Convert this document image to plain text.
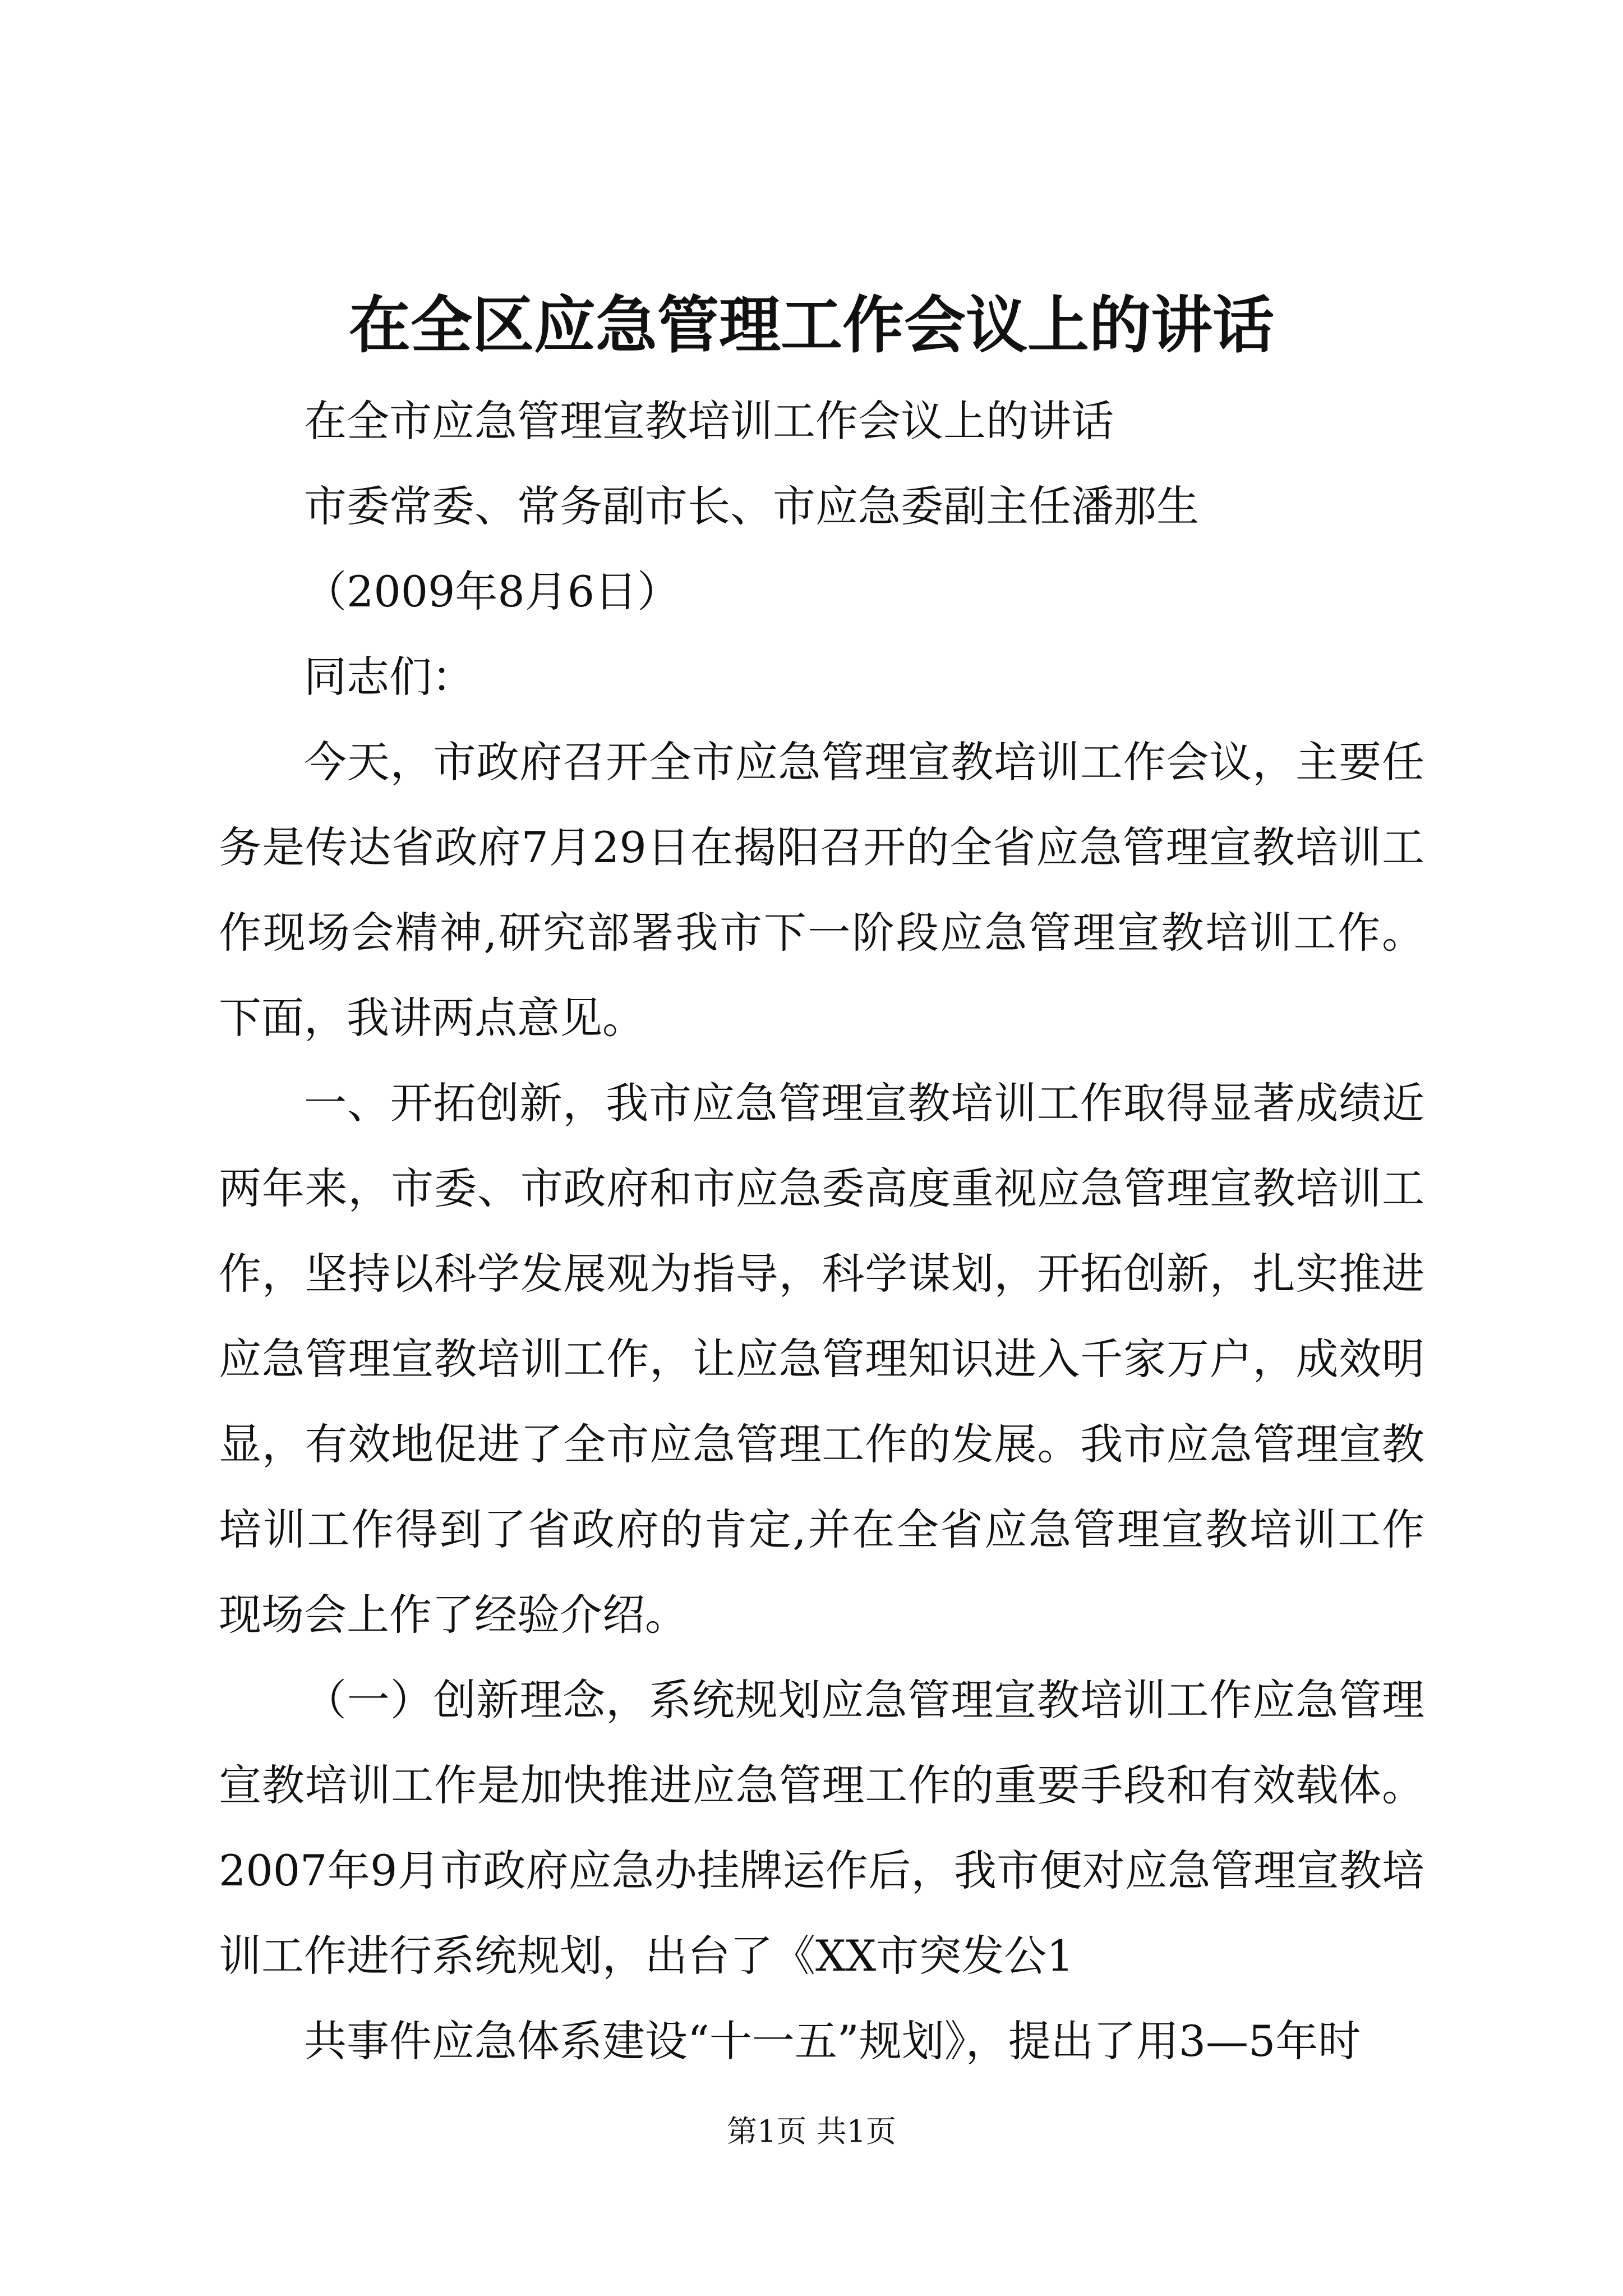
在全区应急管理工作会议上的讲话

在全市应急管理宣教培训工作会议上的讲话

市委常委、常务副市长、市应急委副主任潘那生

（2009年8月6日）

同志们：

今天，市政府召开全市应急管理宣教培训工作会议，主要任务是传达省政府7月29日在揭阳召开的全省应急管理宣教培训工作现场会精神,研究部署我市下一阶段应急管理宣教培训工作。下面，我讲两点意见。

一、开拓创新，我市应急管理宣教培训工作取得显著成绩近两年来，市委、市政府和市应急委高度重视应急管理宣教培训工作，坚持以科学发展观为指导，科学谋划，开拓创新，扎实推进应急管理宣教培训工作，让应急管理知识进入千家万户，成效明显，有效地促进了全市应急管理工作的发展。我市应急管理宣教培训工作得到了省政府的肯定,并在全省应急管理宣教培训工作现场会上作了经验介绍。

（一）创新理念，系统规划应急管理宣教培训工作应急管理宣教培训工作是加快推进应急管理工作的重要手段和有效载体。2007年9月市政府应急办挂牌运作后，我市便对应急管理宣教培训工作进行系统规划，出台了《XX市突发公1

共事件应急体系建设“十一五”规划》，提出了用3—5年时

第1页 共1页
